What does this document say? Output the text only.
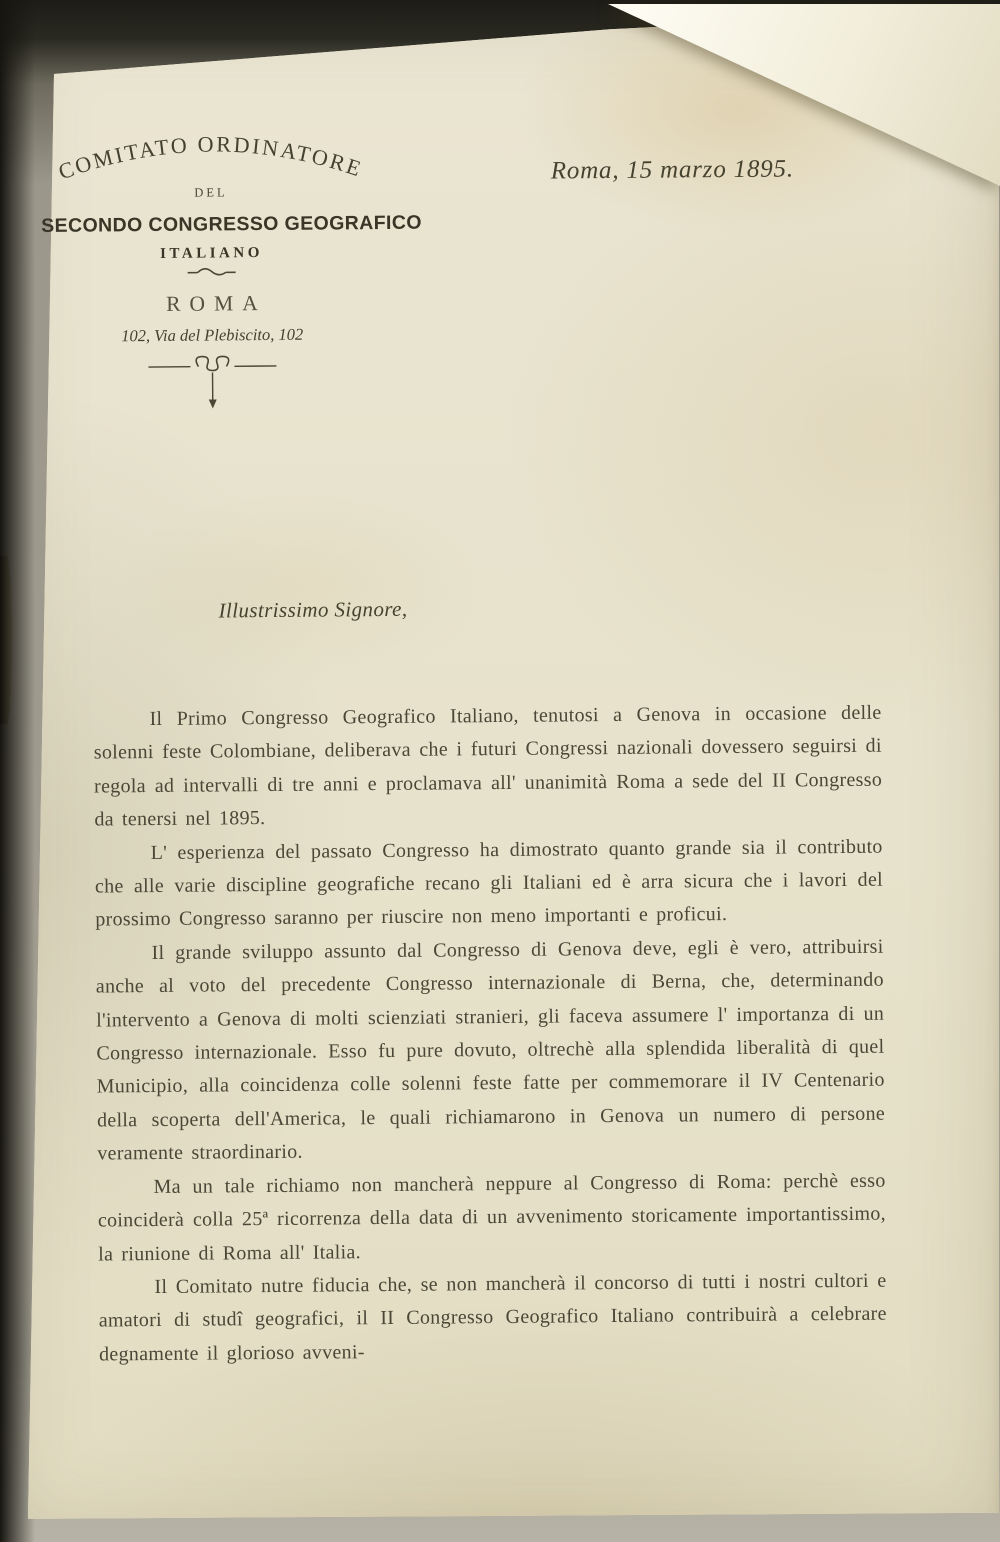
COMITATO ORDINATORE
DEL
SECONDO CONGRESSO GEOGRAFICO
ITALIANO
ROMA
102, Via del Plebiscito, 102
Roma, 15 marzo 1895.
Illustrissimo Signore,

Il Primo Congresso Geografico Italiano, tenutosi a Genova in occasione delle solenni feste Colombiane, deliberava che i futuri Congressi nazionali dovessero seguirsi di regola ad intervalli di tre anni e proclamava all' unanimità Roma a sede del II Congresso da tenersi nel 1895.

L' esperienza del passato Congresso ha dimostrato quanto grande sia il contributo che alle varie discipline geografiche recano gli Italiani ed è arra sicura che i lavori del prossimo Congresso saranno per riuscire non meno importanti e proficui.

Il grande sviluppo assunto dal Congresso di Genova deve, egli è vero, attribuirsi anche al voto del precedente Congresso internazionale di Berna, che, determinando l'intervento a Genova di molti scienziati stranieri, gli faceva assumere l' importanza di un Congresso internazionale. Esso fu pure dovuto, oltrechè alla splendida liberalità di quel Municipio, alla coincidenza colle solenni feste fatte per commemorare il IV Centenario della scoperta dell'America, le quali richiamarono in Genova un numero di persone veramente straordinario.

Ma un tale richiamo non mancherà neppure al Congresso di Roma: perchè esso coinciderà colla 25ª ricorrenza della data di un avvenimento storicamente importantissimo, la riunione di Roma all' Italia.

Il Comitato nutre fiducia che, se non mancherà il concorso di tutti i nostri cultori e amatori di studî geografici, il II Congresso Geografico Italiano contribuirà a celebrare degnamente il glorioso avveni-
